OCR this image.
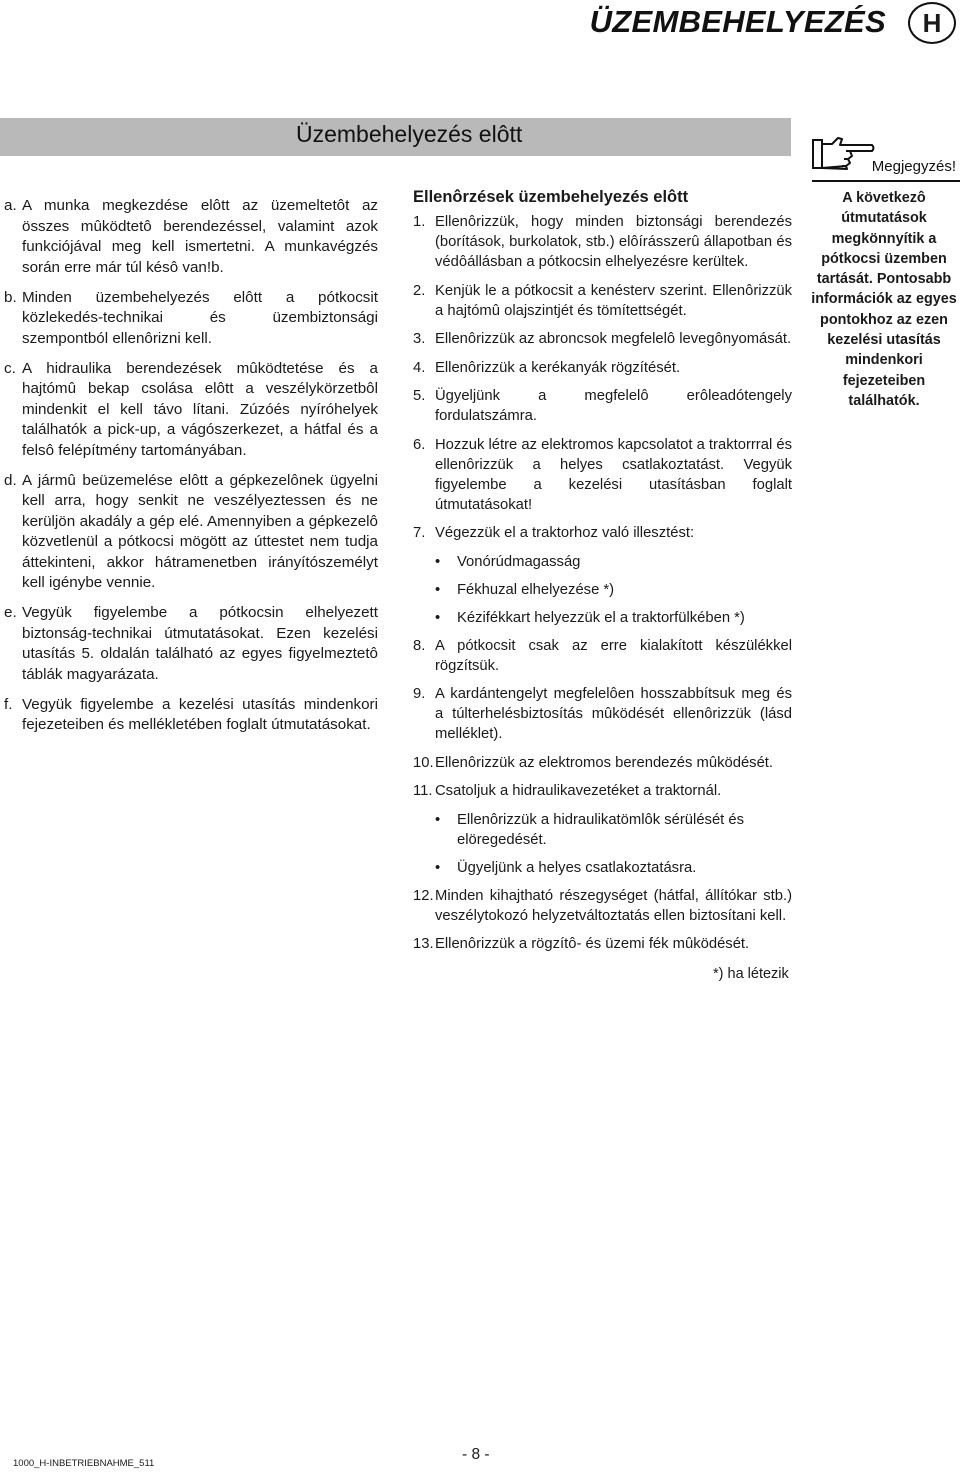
ÜZEMBEHELYEZÉS	H
Üzembehelyezés elôtt
a. A munka megkezdése elôtt az üzemeltetôt az összes mûködtetô berendezéssel, valamint azok funkciójával meg kell ismertetni. A munkavégzés során erre már túl késô van!b.
b. Minden üzembehelyezés elôtt a pótkocsit közlekedés-technikai és üzembiztonsági szempontból ellenôrizni kell.
c. A hidraulika berendezések mûködtetése és a hajtómû bekap csolása elôtt a veszélykörzetbôl mindenkit el kell távo lítani. Zúzóés nyíróhelyek találhatók a pick-up, a vágószerkezet, a hátfal és a felsô felépítmény tartományában.
d. A jármû beüzemelése elôtt a gépkezelônek ügyelni kell arra, hogy senkit ne veszélyeztessen és ne kerüljön akadály a gép elé. Amennyiben a gépkezelô közvetlenül a pótkocsi mögött az úttestet nem tudja áttekinteni, akkor hátramenetben irányítószemélyt kell igénybe vennie.
e. Vegyük figyelembe a pótkocsin elhelyezett biztonság-technikai útmutatásokat. Ezen kezelési utasítás 5. oldalán található az egyes figyelmeztetô táblák magyarázata.
f. Vegyük figyelembe a kezelési utasítás mindenkori fejezeteiben és mellékletében foglalt útmutatásokat.
Ellenôrzések üzembehelyezés elôtt
1. Ellenôrizzük, hogy minden biztonsági berendezés (borítások, burkolatok, stb.) elôírásszerû állapotban és védôállásban a pótkocsin elhelyezésre kerültek.
2. Kenjük le a pótkocsit a kenésterv szerint. Ellenôrizzük a hajtómû olajszintjét és tömítettségét.
3. Ellenôrizzük az abroncsok megfelelô levegônyomását.
4. Ellenôrizzük a kerékanyák rögzítését.
5. Ügyeljünk a megfelelô erôleadótengely fordulatszámra.
6. Hozzuk létre az elektromos kapcsolatot a traktorrral és ellenôrizzük a helyes csatlakoztatást. Vegyük figyelembe a kezelési utasításban foglalt útmutatásokat!
7. Végezzük el a traktorhoz való illesztést:
•	Vonórúdmagasság
•	Fékhuzal elhelyezése *)
•	Kézifékkart helyezzük el a traktorfülkében *)
8. A pótkocsit csak az erre kialakított készülékkel rögzítsük.
9. A kardántengelyt megfelelôen hosszabbítsuk meg és a túlterhelésbiztosítás mûködését ellenôrizzük (lásd melléklet).
10. Ellenôrizzük az elektromos berendezés mûködését.
11. Csatoljuk a hidraulikavezetéket a traktornál.
•	Ellenôrizzük a hidraulikatömlôk sérülését és elöregedését.
•	Ügyeljünk a helyes csatlakoztatásra.
12. Minden kihajtható részegységet (hátfal, állítókar stb.) veszélytokozó helyzetváltoztatás ellen biztosítani kell.
13. Ellenôrizzük a rögzítô- és üzemi fék mûködését.
Megjegyzés!
A következô útmutatások megkönnyítik a pótkocsi üzemben tartását. Pontosabb információk az egyes pontokhoz az ezen kezelési utasítás mindenkori fejezeteiben találhatók.
*) ha létezik
1000_H-INBETRIEBNAHME_511
- 8 -
